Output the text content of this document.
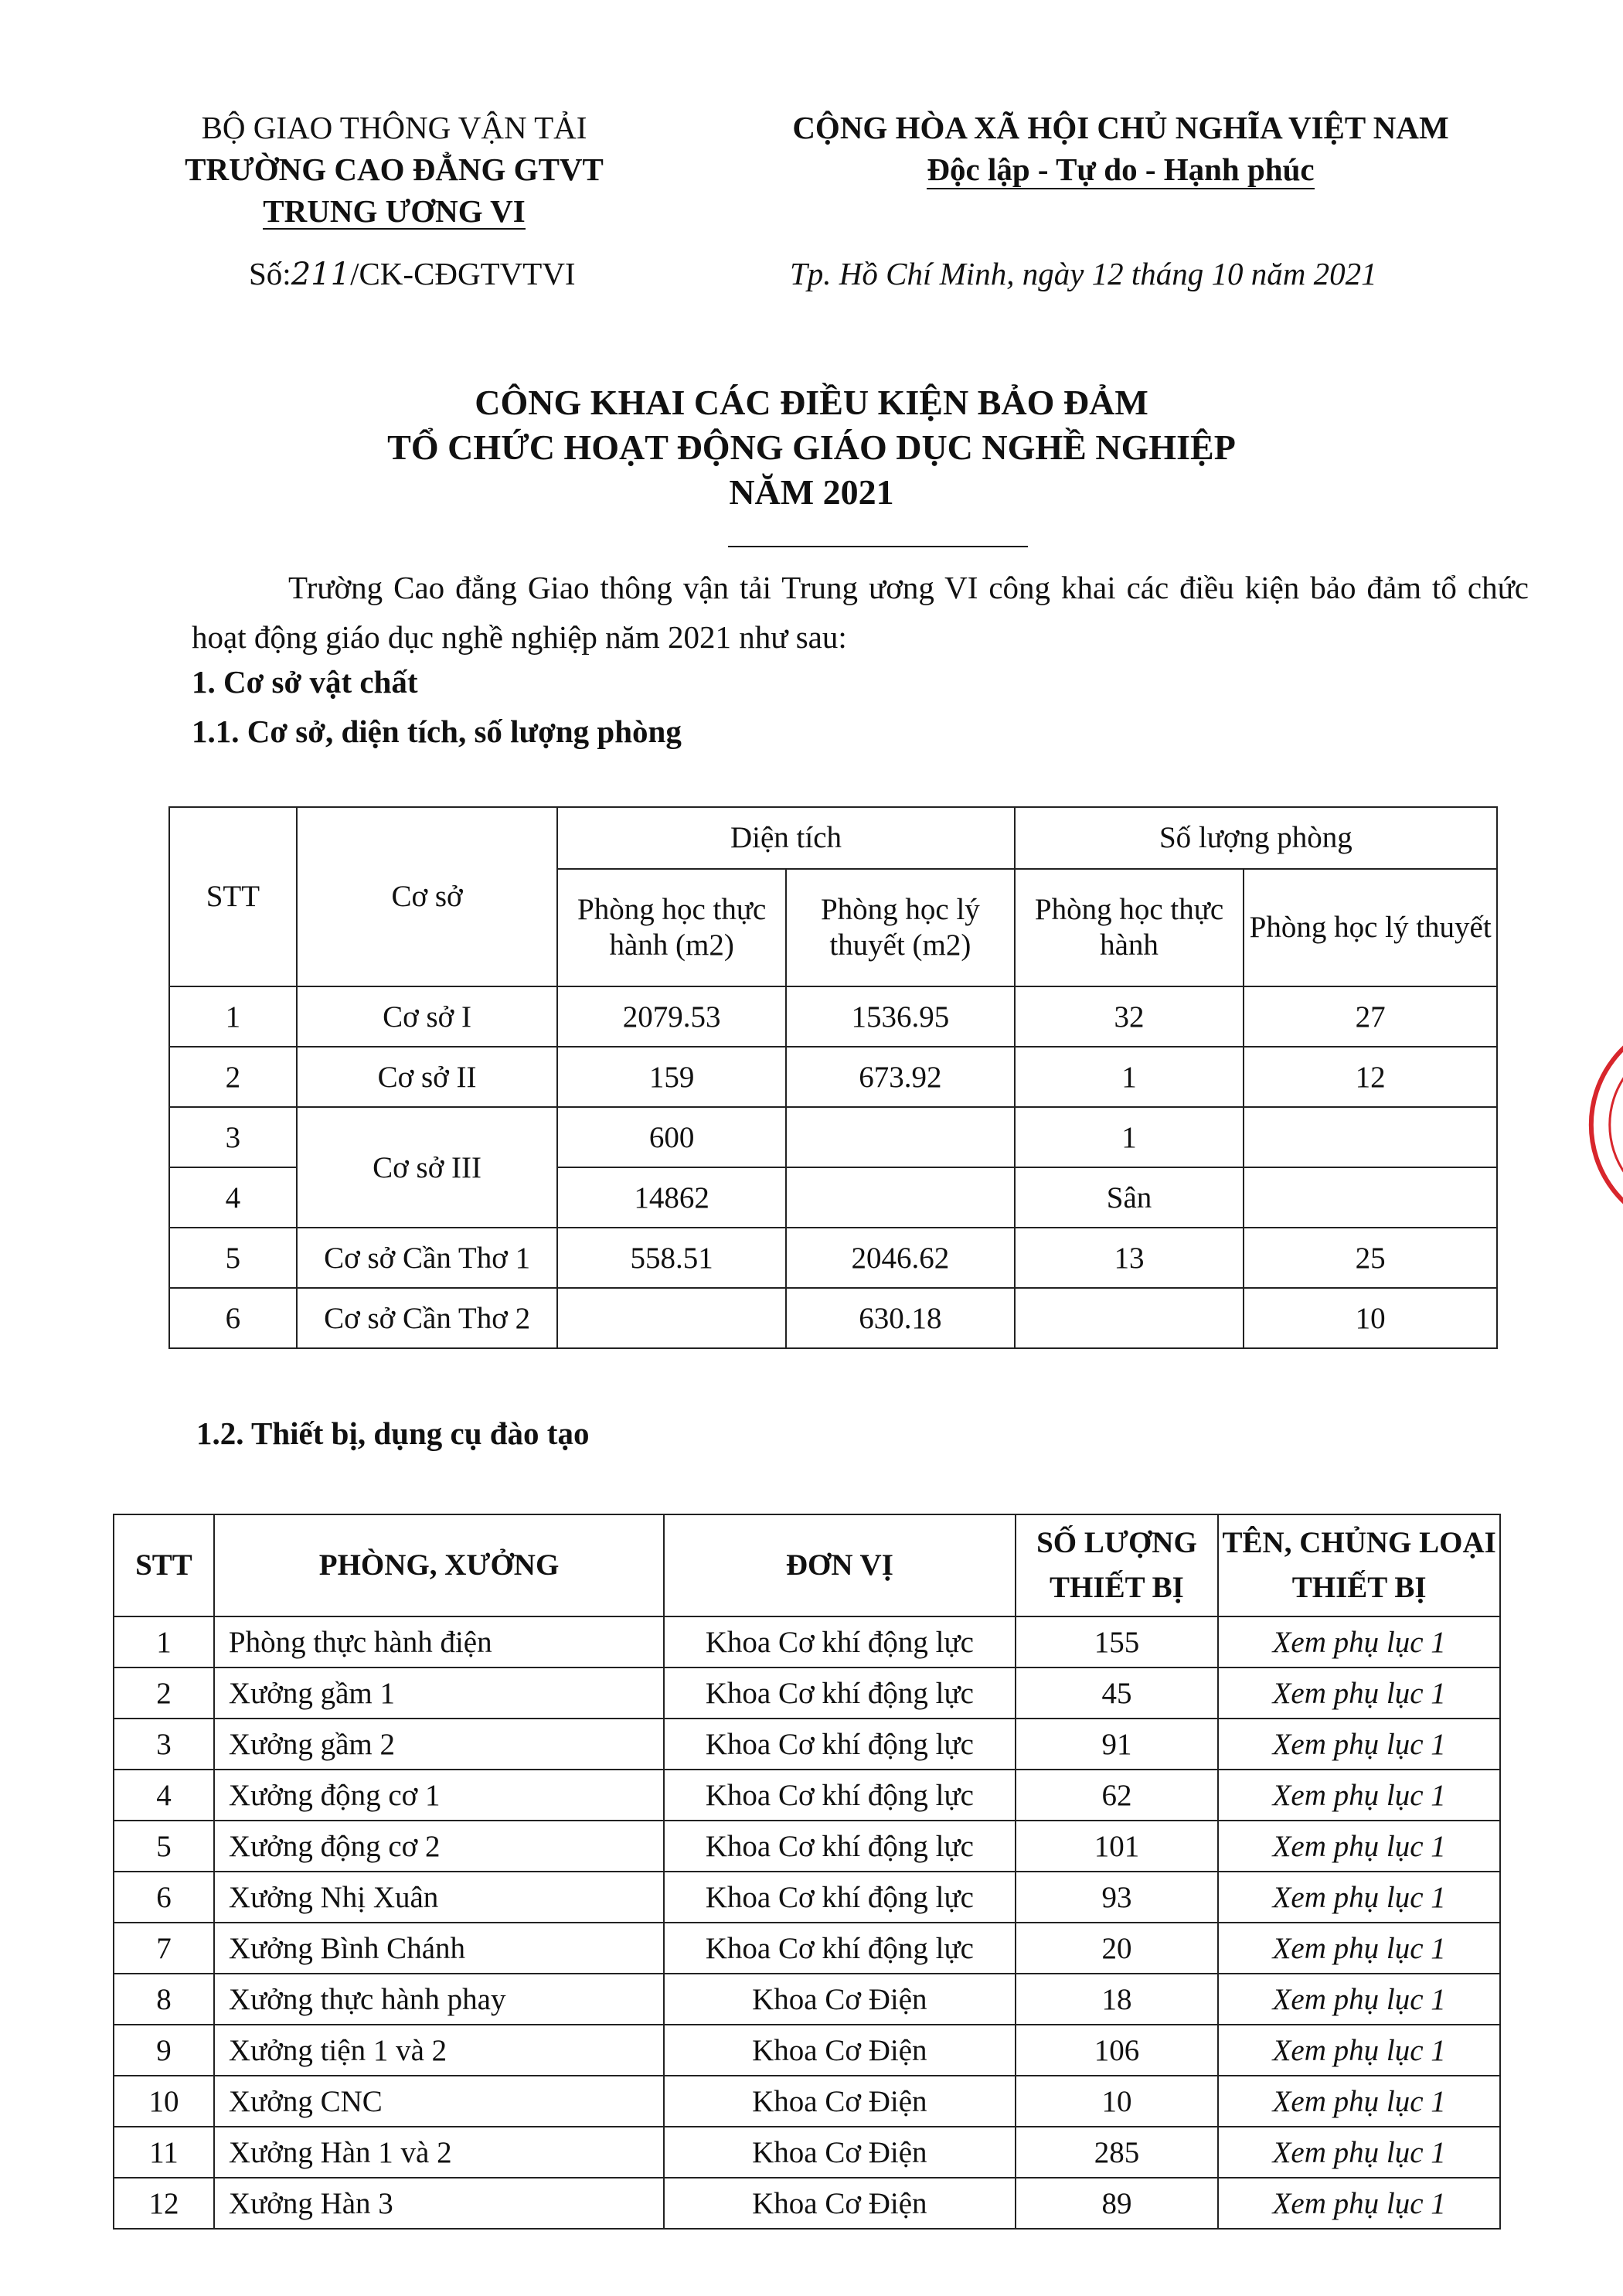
BỘ GIAO THÔNG VẬN TẢI
TRƯỜNG CAO ĐẲNG GTVT
TRUNG ƯƠNG VI
CỘNG HÒA XÃ HỘI CHỦ NGHĨA VIỆT NAM
Độc lập - Tự do - Hạnh phúc
Số:211/CK-CĐGTVTVI	Tp. Hồ Chí Minh, ngày 12 tháng 10 năm 2021
CÔNG KHAI CÁC ĐIỀU KIỆN BẢO ĐẢM
TỔ CHỨC HOẠT ĐỘNG GIÁO DỤC NGHỀ NGHIỆP
NĂM 2021
Trường Cao đẳng Giao thông vận tải Trung ương VI công khai các điều kiện bảo đảm tổ chức hoạt động giáo dục nghề nghiệp năm 2021 như sau:
1. Cơ sở vật chất
1.1. Cơ sở, diện tích, số lượng phòng
STT	Cơ sở	Diện tích		Số lượng phòng	
		Phòng học thực hành (m2)	Phòng học lý thuyết (m2)	Phòng học thực hành	Phòng học lý thuyết
1	Cơ sở I	2079.53	1536.95	32	27
2	Cơ sở II	159	673.92	1	12
3	Cơ sở III	600		1	
4		14862		Sân	
5	Cơ sở Cần Thơ 1	558.51	2046.62	13	25
6	Cơ sở Cần Thơ 2		630.18		10
1.2. Thiết bị, dụng cụ đào tạo
STT	PHÒNG, XƯỞNG	ĐƠN VỊ	SỐ LƯỢNG THIẾT BỊ	TÊN, CHỦNG LOẠI THIẾT BỊ
1	Phòng thực hành điện	Khoa Cơ khí động lực	155	Xem phụ lục 1
2	Xưởng gầm 1	Khoa Cơ khí động lực	45	Xem phụ lục 1
3	Xưởng gầm 2	Khoa Cơ khí động lực	91	Xem phụ lục 1
4	Xưởng động cơ 1	Khoa Cơ khí động lực	62	Xem phụ lục 1
5	Xưởng động cơ 2	Khoa Cơ khí động lực	101	Xem phụ lục 1
6	Xưởng Nhị Xuân	Khoa Cơ khí động lực	93	Xem phụ lục 1
7	Xưởng Bình Chánh	Khoa Cơ khí động lực	20	Xem phụ lục 1
8	Xưởng thực hành phay	Khoa Cơ Điện	18	Xem phụ lục 1
9	Xưởng tiện 1 và 2	Khoa Cơ Điện	106	Xem phụ lục 1
10	Xưởng CNC	Khoa Cơ Điện	10	Xem phụ lục 1
11	Xưởng Hàn 1 và 2	Khoa Cơ Điện	285	Xem phụ lục 1
12	Xưởng Hàn 3	Khoa Cơ Điện	89	Xem phụ lục 1
